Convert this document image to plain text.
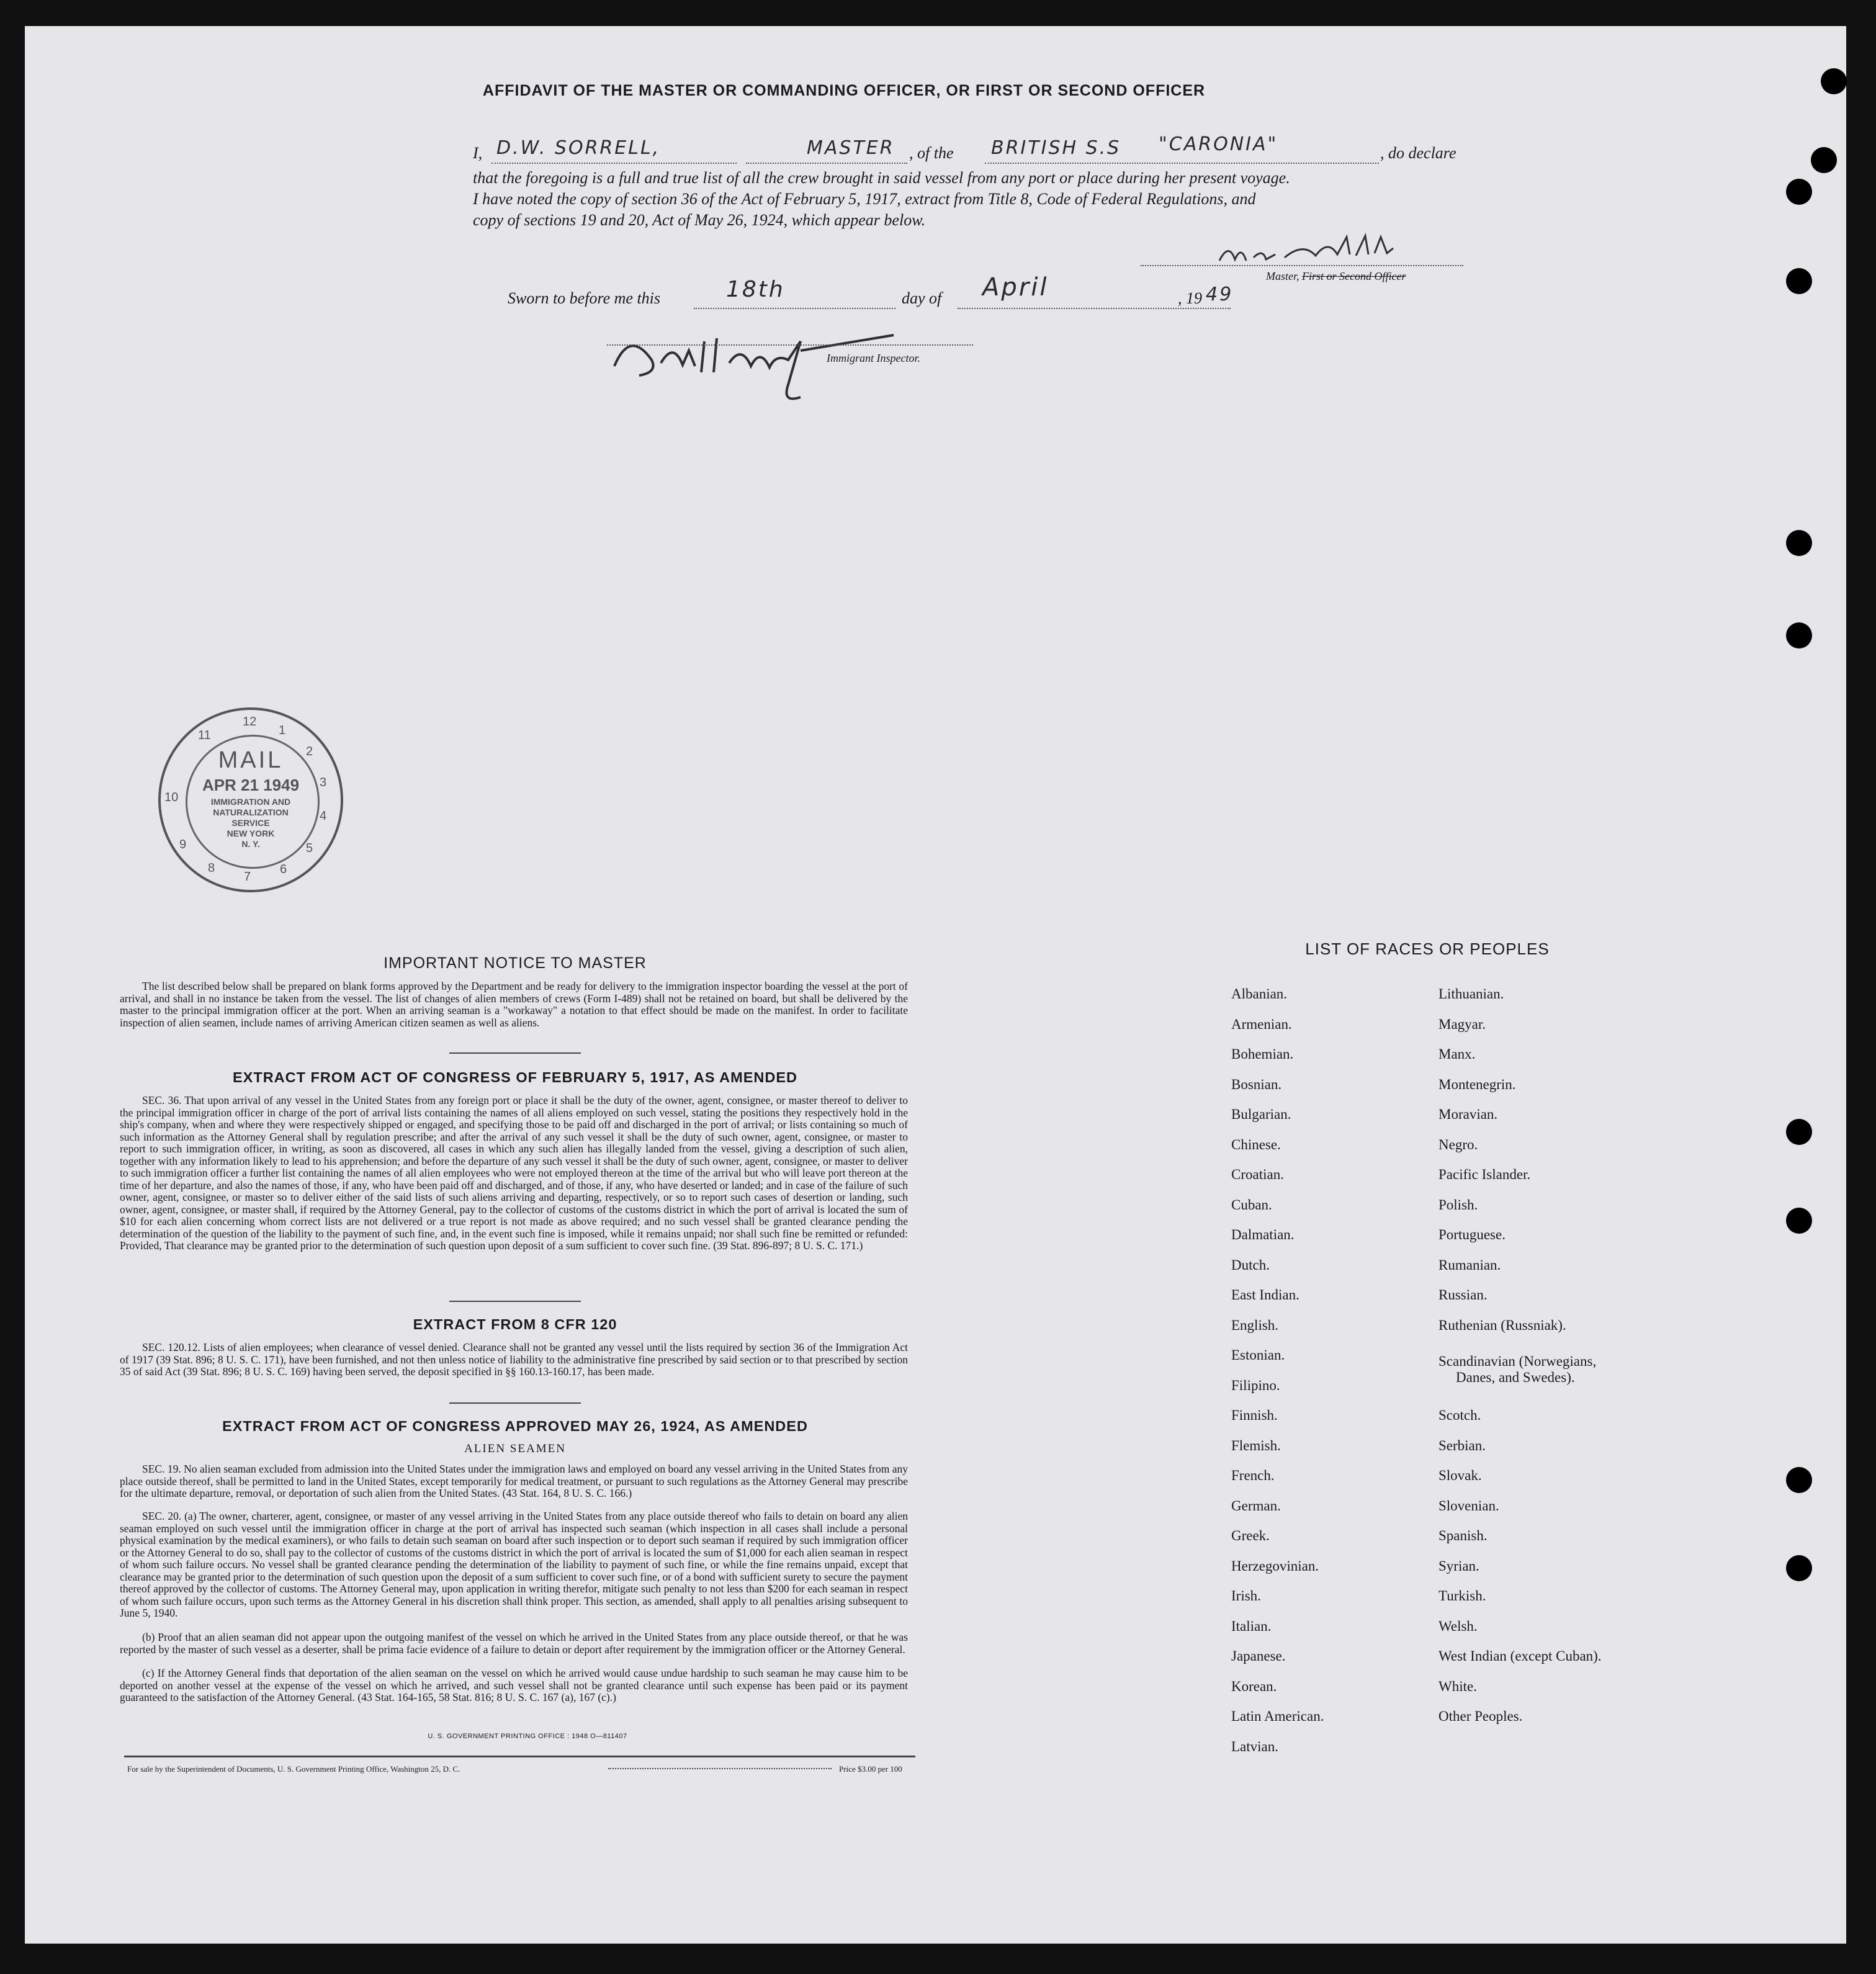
AFFIDAVIT OF THE MASTER OR COMMANDING OFFICER, OR FIRST OR SECOND OFFICER
I, D.W. SORRELL,	MASTER , of the BRITISH S.S "CARONIA"	, do declare
that the foregoing is a full and true list of all the crew brought in said vessel from any port or place during her present voyage.
I have noted the copy of section 36 of the Act of February 5, 1917, extract from Title 8, Code of Federal Regulations, and
copy of sections 19 and 20, Act of May 26, 1924, which appear below.
Master, First or Second Officer
Sworn to before me this	18th	day of April	, 19 49
Immigrant Inspector.
MAIL
APR 21 1949
IMMIGRATION AND
NATURALIZATION
SERVICE
NEW YORK
N. Y.
12
1
2
3
4
5
6
7
8
9
10
11
IMPORTANT NOTICE TO MASTER

The list described below shall be prepared on blank forms approved by the Department and be ready for delivery to the immigration inspector boarding the vessel at the port of arrival, and shall in no instance be taken from the vessel. The list of changes of alien members of crews (Form I-489) shall not be retained on board, but shall be delivered by the master to the principal immigration officer at the port. When an arriving seaman is a "workaway" a notation to that effect should be made on the manifest. In order to facilitate inspection of alien seamen, include names of arriving American citizen seamen as well as aliens.

EXTRACT FROM ACT OF CONGRESS OF FEBRUARY 5, 1917, AS AMENDED

SEC. 36. That upon arrival of any vessel in the United States from any foreign port or place it shall be the duty of the owner, agent, consignee, or master thereof to deliver to the principal immigration officer in charge of the port of arrival lists containing the names of all aliens employed on such vessel, stating the positions they respectively hold in the ship's company, when and where they were respectively shipped or engaged, and specifying those to be paid off and discharged in the port of arrival; or lists containing so much of such information as the Attorney General shall by regulation prescribe; and after the arrival of any such vessel it shall be the duty of such owner, agent, consignee, or master to report to such immigration officer, in writing, as soon as discovered, all cases in which any such alien has illegally landed from the vessel, giving a description of such alien, together with any information likely to lead to his apprehension; and before the departure of any such vessel it shall be the duty of such owner, agent, consignee, or master to deliver to such immigration officer a further list containing the names of all alien employees who were not employed thereon at the time of the arrival but who will leave port thereon at the time of her departure, and also the names of those, if any, who have been paid off and discharged, and of those, if any, who have deserted or landed; and in case of the failure of such owner, agent, consignee, or master so to deliver either of the said lists of such aliens arriving and departing, respectively, or so to report such cases of desertion or landing, such owner, agent, consignee, or master shall, if required by the Attorney General, pay to the collector of customs of the customs district in which the port of arrival is located the sum of $10 for each alien concerning whom correct lists are not delivered or a true report is not made as above required; and no such vessel shall be granted clearance pending the determination of the question of the liability to the payment of such fine, and, in the event such fine is imposed, while it remains unpaid; nor shall such fine be remitted or refunded: Provided, That clearance may be granted prior to the determination of such question upon deposit of a sum sufficient to cover such fine. (39 Stat. 896-897; 8 U. S. C. 171.)

EXTRACT FROM 8 CFR 120

SEC. 120.12. Lists of alien employees; when clearance of vessel denied. Clearance shall not be granted any vessel until the lists required by section 36 of the Immigration Act of 1917 (39 Stat. 896; 8 U. S. C. 171), have been furnished, and not then unless notice of liability to the administrative fine prescribed by said section or to that prescribed by section 35 of said Act (39 Stat. 896; 8 U. S. C. 169) having been served, the deposit specified in §§ 160.13-160.17, has been made.

EXTRACT FROM ACT OF CONGRESS APPROVED MAY 26, 1924, AS AMENDED
ALIEN SEAMEN

SEC. 19. No alien seaman excluded from admission into the United States under the immigration laws and employed on board any vessel arriving in the United States from any place outside thereof, shall be permitted to land in the United States, except temporarily for medical treatment, or pursuant to such regulations as the Attorney General may prescribe for the ultimate departure, removal, or deportation of such alien from the United States. (43 Stat. 164, 8 U. S. C. 166.)

SEC. 20. (a) The owner, charterer, agent, consignee, or master of any vessel arriving in the United States from any place outside thereof who fails to detain on board any alien seaman employed on such vessel until the immigration officer in charge at the port of arrival has inspected such seaman (which inspection in all cases shall include a personal physical examination by the medical examiners), or who fails to detain such seaman on board after such inspection or to deport such seaman if required by such immigration officer or the Attorney General to do so, shall pay to the collector of customs of the customs district in which the port of arrival is located the sum of $1,000 for each alien seaman in respect of whom such failure occurs. No vessel shall be granted clearance pending the determination of the liability to payment of such fine, or while the fine remains unpaid, except that clearance may be granted prior to the determination of such question upon the deposit of a sum sufficient to cover such fine, or of a bond with sufficient surety to secure the payment thereof approved by the collector of customs. The Attorney General may, upon application in writing therefor, mitigate such penalty to not less than $200 for each seaman in respect of whom such failure occurs, upon such terms as the Attorney General in his discretion shall think proper. This section, as amended, shall apply to all penalties arising subsequent to June 5, 1940.

(b) Proof that an alien seaman did not appear upon the outgoing manifest of the vessel on which he arrived in the United States from any place outside thereof, or that he was reported by the master of such vessel as a deserter, shall be prima facie evidence of a failure to detain or deport after requirement by the immigration officer or the Attorney General.

(c) If the Attorney General finds that deportation of the alien seaman on the vessel on which he arrived would cause undue hardship to such seaman he may cause him to be deported on another vessel at the expense of the vessel on which he arrived, and such vessel shall not be granted clearance until such expense has been paid or its payment guaranteed to the satisfaction of the Attorney General. (43 Stat. 164-165, 58 Stat. 816; 8 U. S. C. 167 (a), 167 (c).)

U. S. GOVERNMENT PRINTING OFFICE : 1948 O—811407
For sale by the Superintendent of Documents, U. S. Government Printing Office, Washington 25, D. C.	Price $3.00 per 100
LIST OF RACES OR PEOPLES
Albanian.
Armenian.
Bohemian.
Bosnian.
Bulgarian.
Chinese.
Croatian.
Cuban.
Dalmatian.
Dutch.
East Indian.
English.
Estonian.
Filipino.
Finnish.
Flemish.
French.
German.
Greek.
Herzegovinian.
Irish.
Italian.
Japanese.
Korean.
Latin American.
Latvian.
Lithuanian.
Magyar.
Manx.
Montenegrin.
Moravian.
Negro.
Pacific Islander.
Polish.
Portuguese.
Rumanian.
Russian.
Ruthenian (Russniak).
Scandinavian (Norwegians,
Danes, and Swedes).
Scotch.
Serbian.
Slovak.
Slovenian.
Spanish.
Syrian.
Turkish.
Welsh.
West Indian (except Cuban).
White.
Other Peoples.
